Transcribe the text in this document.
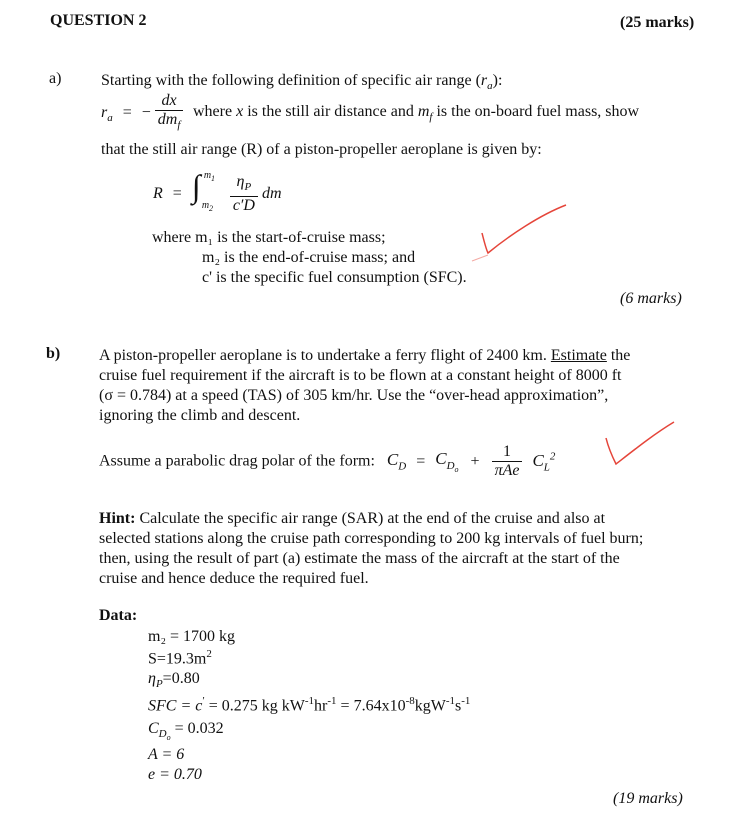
QUESTION 2	(25 marks)
a) Starting with the following definition of specific air range $(r_a)$:
$r_a$ = − $\frac{dx}{dm_f}$ where x is the still air distance and $m_f$ is the on-board fuel mass, show
that the still air range (R) of a piston-propeller aeroplane is given by:
R = ∫ $m_1$
$m_2$
$\frac{\eta_P}{c'D}$ dm
where m₁ is the start-of-cruise mass;
m₂ is the end-of-cruise mass; and
c' is the specific fuel consumption (SFC).
(6 marks)
b) A piston-propeller aeroplane is to undertake a ferry flight of 2400 km. Estimate the
cruise fuel requirement if the aircraft is to be flown at a constant height of 8000 ft
(σ = 0.784) at a speed (TAS) of 305 km/hr. Use the “over-head approximation”,
ignoring the climb and descent.
Assume a parabolic drag polar of the form: $C_D = C_{D_o} + \frac{1}{\text{πAe}} C_L^2$
Hint: Calculate the specific air range (SAR) at the end of the cruise and also at
selected stations along the cruise path corresponding to 200 kg intervals of fuel burn;
then, using the result of part (a) estimate the mass of the aircraft at the start of the
cruise and hence deduce the required fuel.
Data:
m₂ = 1700 kg
$S=19.3m^2$
$\eta_P=0.80$
SFC = c′ = 0.275 kg $kW^{-1}hr^{-1} = 7.64x10^{-8}kgW^{-1}s^{-1}$
$C_{D_o} = 0.032$
A = 6
e = 0.70
(19 marks)
